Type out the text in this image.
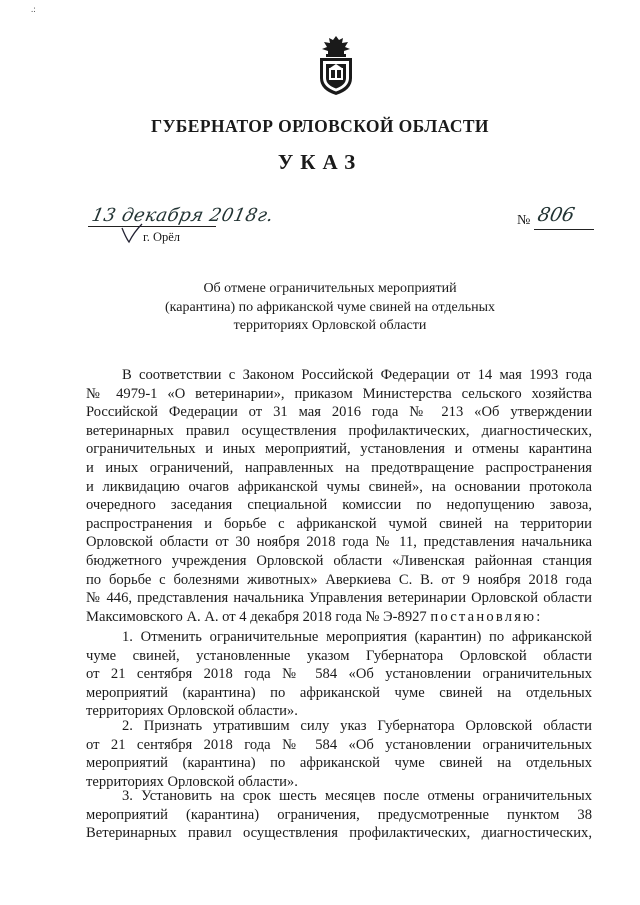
.:
ГУБЕРНАТОР ОРЛОВСКОЙ ОБЛАСТИ
УКАЗ
13 декабря 2018г.
г. Орёл
№ 806
Об отмене ограничительных мероприятий
(карантина) по африканской чуме свиней на отдельных
территориях Орловской области
В соответствии с Законом Российской Федерации от 14 мая 1993 года
№ 4979-1 «О ветеринарии», приказом Министерства сельского хозяйства
Российской Федерации от 31 мая 2016 года № 213 «Об утверждении
ветеринарных правил осуществления профилактических, диагностических,
ограничительных и иных мероприятий, установления и отмены карантина
и иных ограничений, направленных на предотвращение распространения
и ликвидацию очагов африканской чумы свиней», на основании протокола
очередного заседания специальной комиссии по недопущению завоза,
распространения и борьбе с африканской чумой свиней на территории
Орловской области от 30 ноября 2018 года № 11, представления начальника
бюджетного учреждения Орловской области «Ливенская районная станция
по борьбе с болезнями животных» Аверкиева С. В. от 9 ноября 2018 года
№ 446, представления начальника Управления ветеринарии Орловской области
Максимовского А. А. от 4 декабря 2018 года № Э-8927 постановляю:
1. Отменить ограничительные мероприятия (карантин) по африканской
чуме свиней, установленные указом Губернатора Орловской области
от 21 сентября 2018 года № 584 «Об установлении ограничительных
мероприятий (карантина) по африканской чуме свиней на отдельных
территориях Орловской области».
2. Признать утратившим силу указ Губернатора Орловской области
от 21 сентября 2018 года № 584 «Об установлении ограничительных
мероприятий (карантина) по африканской чуме свиней на отдельных
территориях Орловской области».
3. Установить на срок шесть месяцев после отмены ограничительных
мероприятий (карантина) ограничения, предусмотренные пунктом 38
Ветеринарных правил осуществления профилактических, диагностических,
